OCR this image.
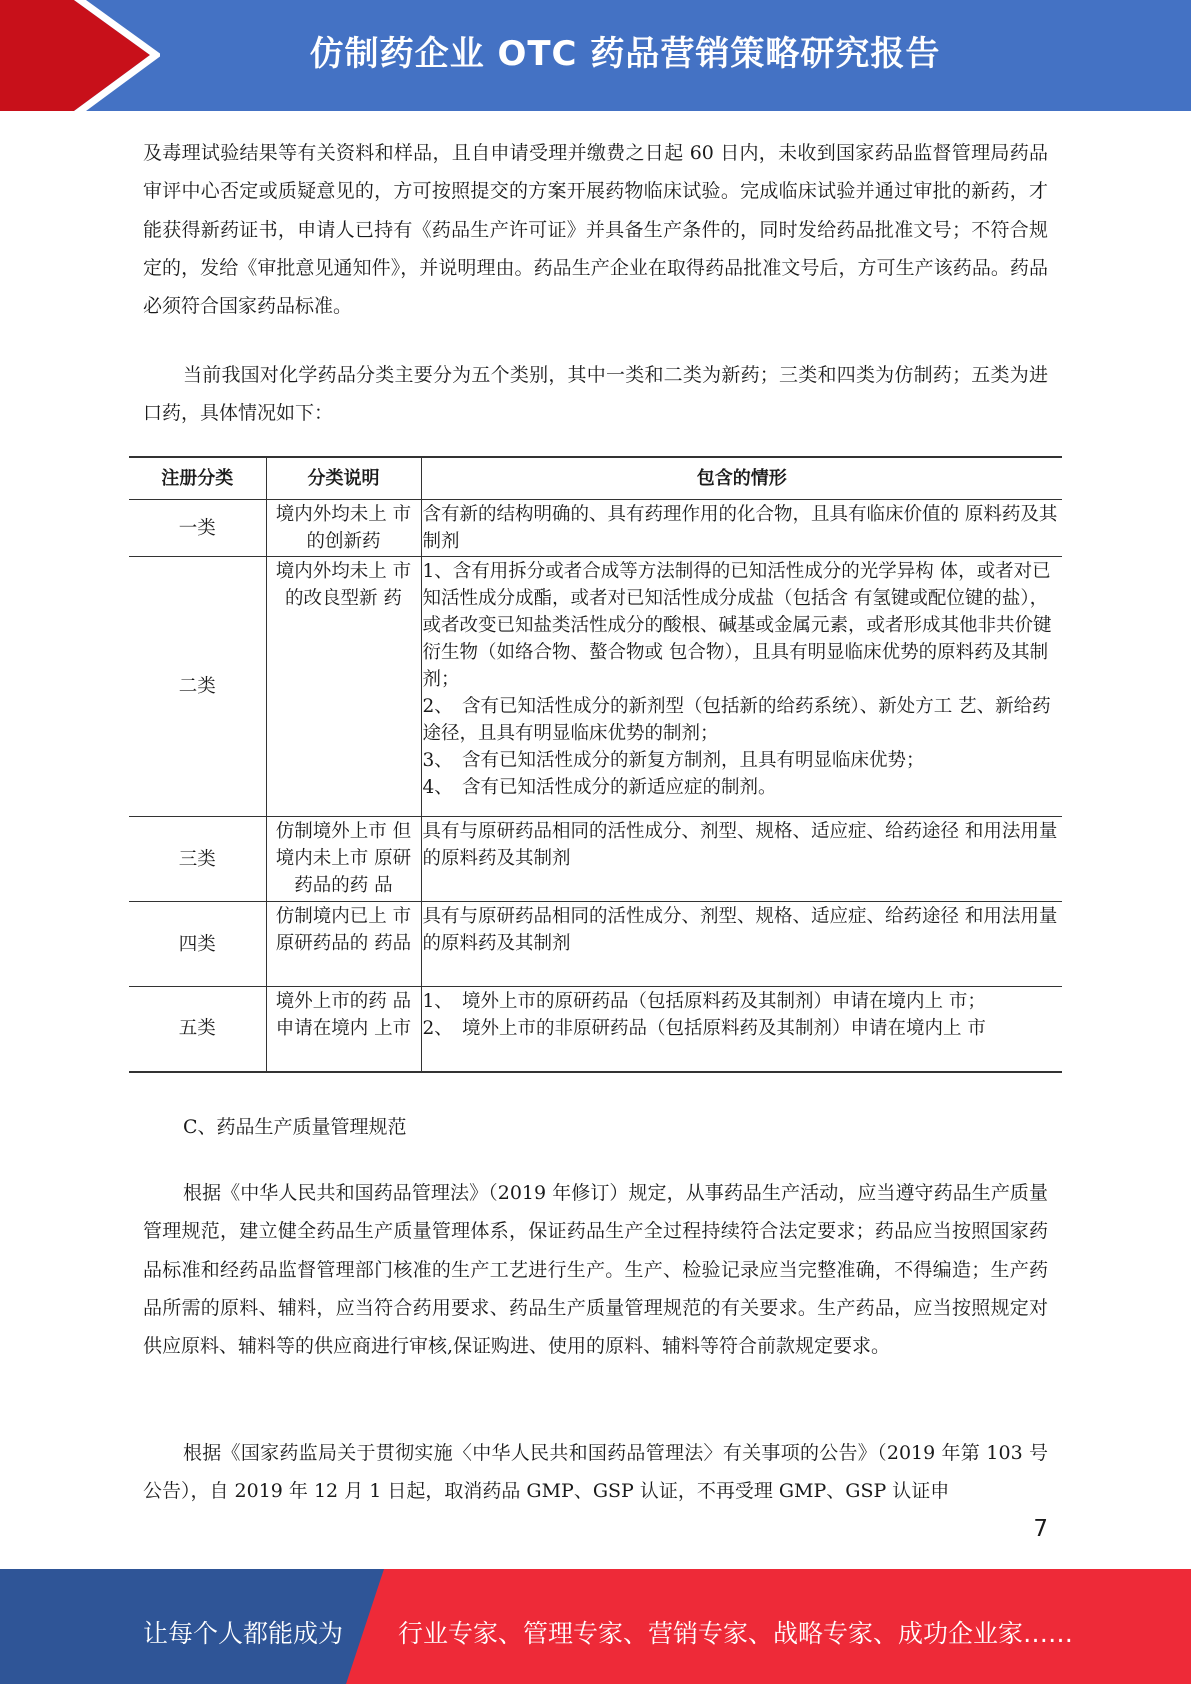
仿制药企业 OTC 药品营销策略研究报告

及毒理试验结果等有关资料和样品，且自申请受理并缴费之日起 60 日内，未收到国家药品监督管理局药品审评中心否定或质疑意见的，方可按照提交的方案开展药物临床试验。完成临床试验并通过审批的新药，才能获得新药证书，申请人已持有《药品生产许可证》并具备生产条件的，同时发给药品批准文号；不符合规定的，发给《审批意见通知件》，并说明理由。药品生产企业在取得药品批准文号后，方可生产该药品。药品必须符合国家药品标准。

当前我国对化学药品分类主要分为五个类别，其中一类和二类为新药；三类和四类为仿制药；五类为进口药，具体情况如下：

注册分类	分类说明	包含的情形
一类	境内外均未上 市的创新药	含有新的结构明确的、具有药理作用的化合物，且具有临床价值的 原料药及其制剂

二类	境内外均未上 市的改良型新 药	1、含有用拆分或者合成等方法制得的已知活性成分的光学异构 体，或者对已知活性成分成酯，或者对已知活性成分成盐（包括含 有氢键或配位键的盐），或者改变已知盐类活性成分的酸根、碱基或金属元素，或者形成其他非共价键衍生物（如络合物、螯合物或 包合物），且具有明显临床优势的原料药及其制剂；
2、　含有已知活性成分的新剂型（包括新的给药系统）、新处方工 艺、新给药途径，且具有明显临床优势的制剂；
3、　含有已知活性成分的新复方制剂，且具有明显临床优势；
4、　含有已知活性成分的新适应症的制剂。

三类	仿制境外上市 但境内未上市 原研药品的药 品	具有与原研药品相同的活性成分、剂型、规格、适应症、给药途径 和用法用量的原料药及其制剂

四类	仿制境内已上 市原研药品的 药品	具有与原研药品相同的活性成分、剂型、规格、适应症、给药途径 和用法用量的原料药及其制剂

五类	境外上市的药 品申请在境内 上市	1、　境外上市的原研药品（包括原料药及其制剂）申请在境内上 市；
2、　境外上市的非原研药品（包括原料药及其制剂）申请在境内上 市

C、药品生产质量管理规范

根据《中华人民共和国药品管理法》（2019 年修订）规定，从事药品生产活动，应当遵守药品生产质量管理规范，建立健全药品生产质量管理体系，保证药品生产全过程持续符合法定要求；药品应当按照国家药品标准和经药品监督管理部门核准的生产工艺进行生产。生产、检验记录应当完整准确，不得编造；生产药品所需的原料、辅料，应当符合药用要求、药品生产质量管理规范的有关要求。生产药品，应当按照规定对供应原料、辅料等的供应商进行审核,保证购进、使用的原料、辅料等符合前款规定要求。

根据《国家药监局关于贯彻实施〈中华人民共和国药品管理法〉有关事项的公告》（2019 年第 103 号公告），自 2019 年 12 月 1 日起，取消药品 GMP、GSP 认证，不再受理 GMP、GSP 认证申

7
让每个人都能成为 行业专家、管理专家、营销专家、战略专家、成功企业家……
